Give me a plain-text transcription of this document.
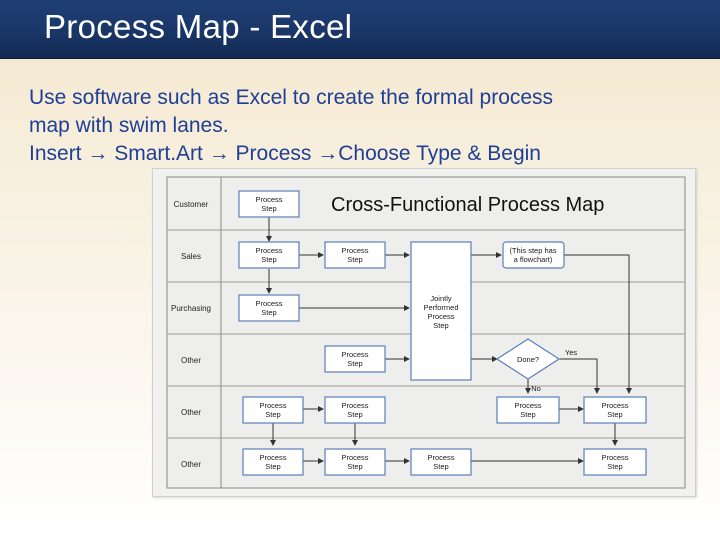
Process Map - Excel
Use software such as Excel to create the formal process
map with swim lanes.
Insert → Smart.Art → Process →Choose Type & Begin
Customer
Sales
Purchasing
Other
Other
Other
Cross-Functional Process Map
Process
Step
Process
Step
Process
Step
Process
Step
Process
Step
Process
Step
Process
Step
Process
Step
Process
Step
Process
Step
Process
Step
Process
Step
Process
Step
(This step has
a flowchart)
Jointly
Performed
Process
Step
Done?
Yes
No
